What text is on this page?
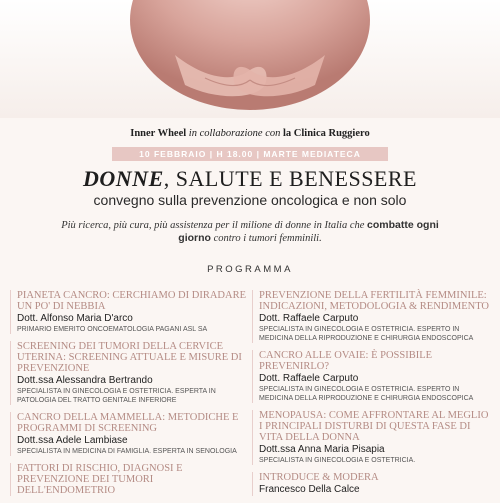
Inner Wheel in collaborazione con la Clinica Ruggiero
10 FEBBRAIO | H 18.00 | MARTE MEDIATECA
DONNE, SALUTE E BENESSERE
convegno sulla prevenzione oncologica e non solo
Più ricerca, più cura, più assistenza per il milione di donne in Italia che combatte ogni giorno contro i tumori femminili.
PROGRAMMA
PIANETA CANCRO: CERCHIAMO DI DIRADARE UN PO' DI NEBBIA
Dott. Alfonso Maria D'arco
PRIMARIO EMERITO ONCOEMATOLOGIA PAGANI ASL SA
SCREENING DEI TUMORI DELLA CERVICE UTERINA: SCREENING ATTUALE E MISURE DI PREVENZIONE
Dott.ssa Alessandra Bertrando
SPECIALISTA IN GINECOLOGIA E OSTETRICIA. ESPERTA IN PATOLOGIA DEL TRATTO GENITALE INFERIORE
CANCRO DELLA MAMMELLA: METODICHE E PROGRAMMI DI SCREENING
Dott.ssa Adele Lambiase
SPECIALISTA IN MEDICINA DI FAMIGLIA. ESPERTA IN SENOLOGIA
FATTORI DI RISCHIO, DIAGNOSI E PREVENZIONE DEI TUMORI DELL'ENDOMETRIO
PREVENZIONE DELLA FERTILITÀ FEMMINILE: INDICAZIONI, METODOLOGIA & RENDIMENTO
Dott. Raffaele Carputo
SPECIALISTA IN GINECOLOGIA E OSTETRICIA. ESPERTO IN MEDICINA DELLA RIPRODUZIONE E CHIRURGIA ENDOSCOPICA
CANCRO ALLE OVAIE: È POSSIBILE PREVENIRLO?
Dott. Raffaele Carputo
SPECIALISTA IN GINECOLOGIA E OSTETRICIA. ESPERTO IN MEDICINA DELLA RIPRODUZIONE E CHIRURGIA ENDOSCOPICA
MENOPAUSA: COME AFFRONTARE AL MEGLIO I PRINCIPALI DISTURBI DI QUESTA FASE DI VITA DELLA DONNA
Dott.ssa Anna Maria Pisapia
SPECIALISTA IN GINECOLOGIA E OSTETRICIA.
INTRODUCE & MODERA
Francesco Della Calce
